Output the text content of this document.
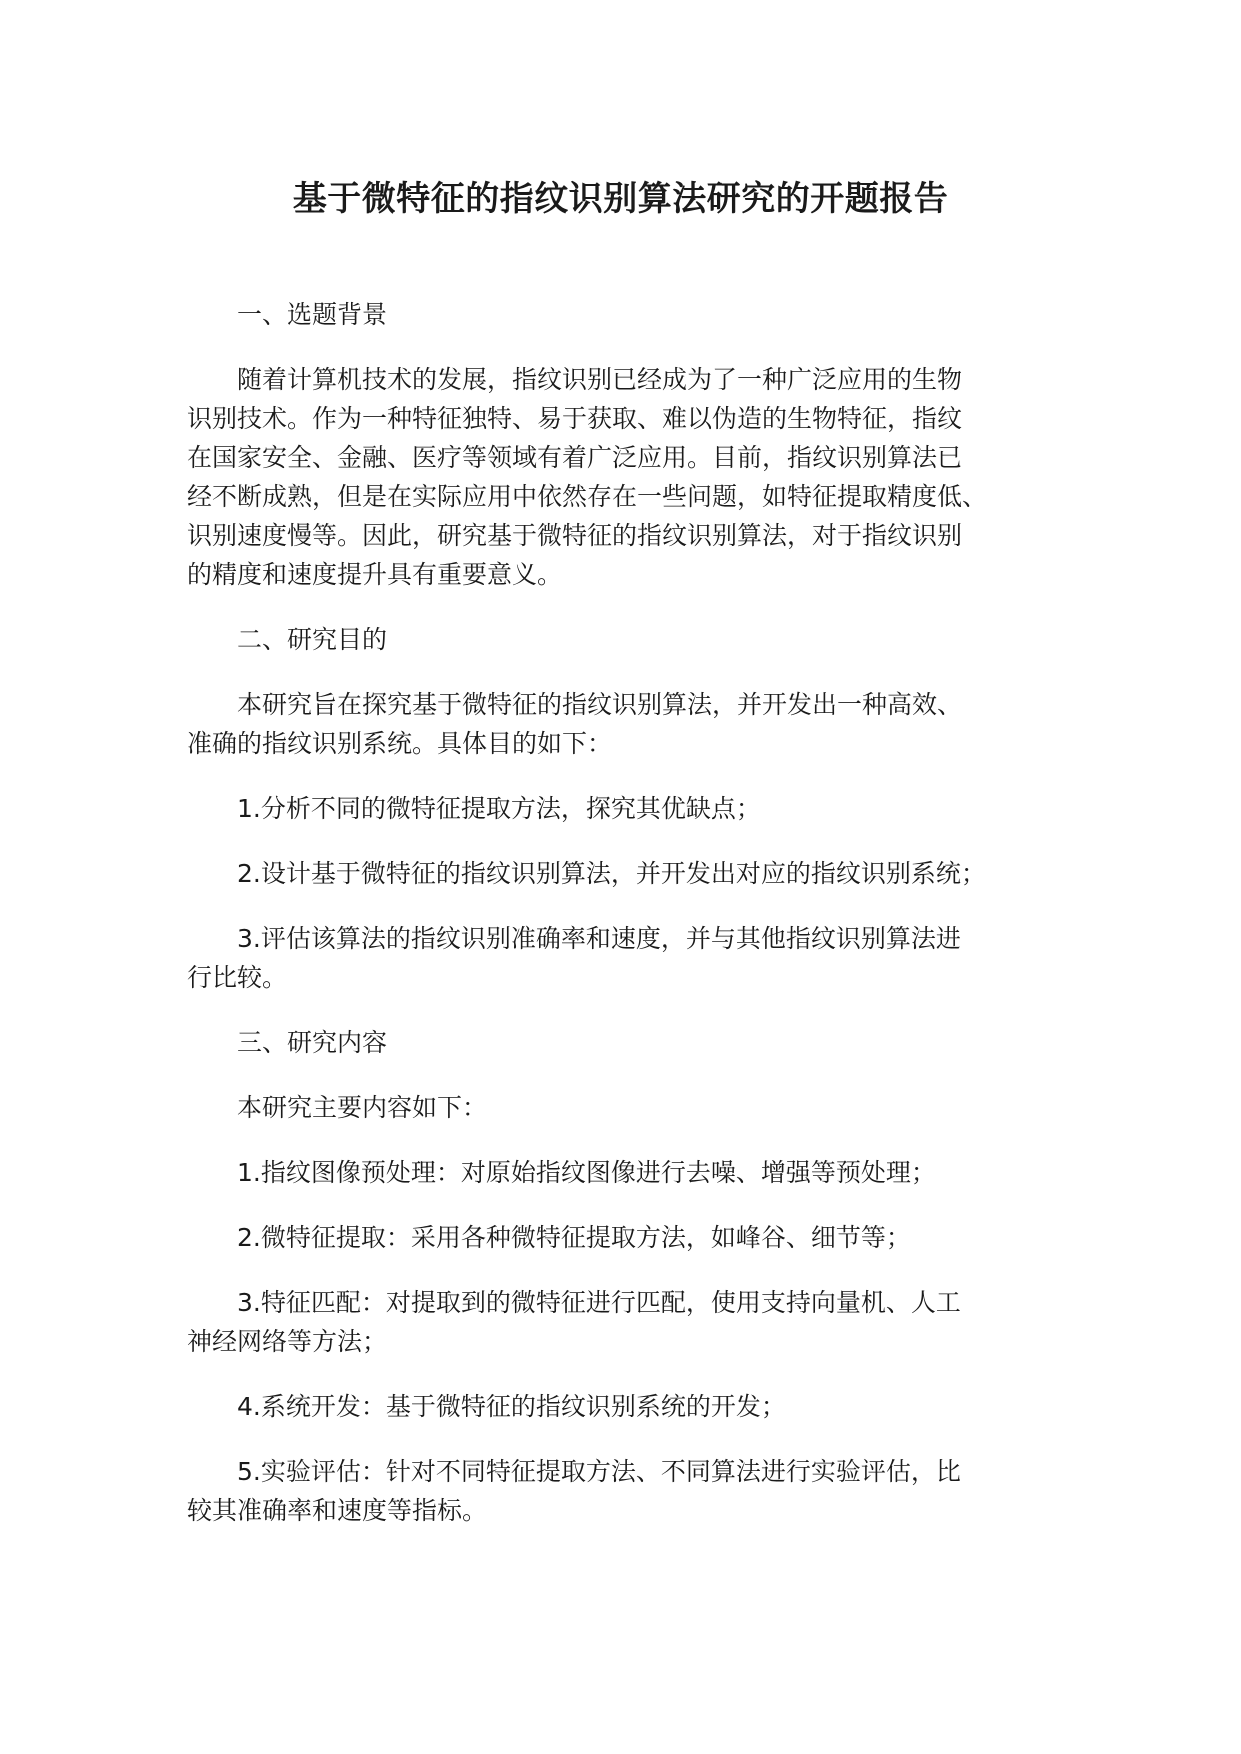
基于微特征的指纹识别算法研究的开题报告

一、选题背景

随着计算机技术的发展，指纹识别已经成为了一种广泛应用的生物
识别技术。作为一种特征独特、易于获取、难以伪造的生物特征，指纹
在国家安全、金融、医疗等领域有着广泛应用。目前，指纹识别算法已
经不断成熟，但是在实际应用中依然存在一些问题，如特征提取精度低、
识别速度慢等。因此，研究基于微特征的指纹识别算法，对于指纹识别
的精度和速度提升具有重要意义。

二、研究目的

本研究旨在探究基于微特征的指纹识别算法，并开发出一种高效、
准确的指纹识别系统。具体目的如下：

1.分析不同的微特征提取方法，探究其优缺点；

2.设计基于微特征的指纹识别算法，并开发出对应的指纹识别系统；

3.评估该算法的指纹识别准确率和速度，并与其他指纹识别算法进
行比较。

三、研究内容

本研究主要内容如下：

1.指纹图像预处理：对原始指纹图像进行去噪、增强等预处理；

2.微特征提取：采用各种微特征提取方法，如峰谷、细节等；

3.特征匹配：对提取到的微特征进行匹配，使用支持向量机、人工
神经网络等方法；

4.系统开发：基于微特征的指纹识别系统的开发；

5.实验评估：针对不同特征提取方法、不同算法进行实验评估，比
较其准确率和速度等指标。
